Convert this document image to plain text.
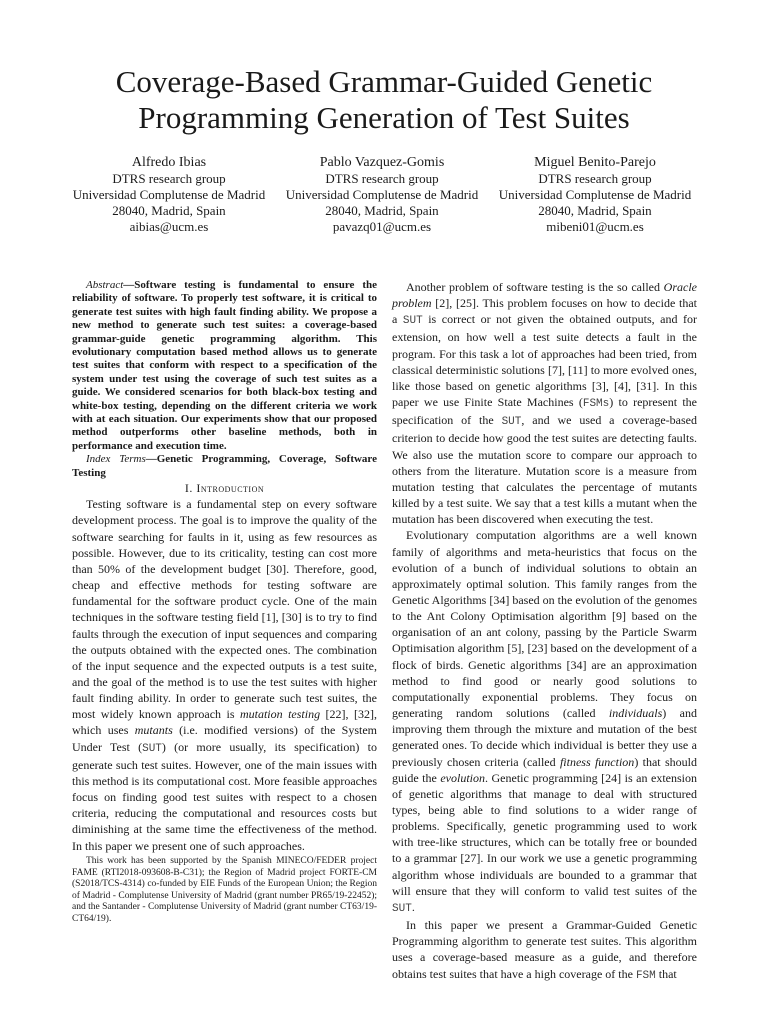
Coverage-Based Grammar-Guided Genetic Programming Generation of Test Suites
Alfredo Ibias
DTRS research group
Universidad Complutense de Madrid
28040, Madrid, Spain
aibias@ucm.es
Pablo Vazquez-Gomis
DTRS research group
Universidad Complutense de Madrid
28040, Madrid, Spain
pavazq01@ucm.es
Miguel Benito-Parejo
DTRS research group
Universidad Complutense de Madrid
28040, Madrid, Spain
mibeni01@ucm.es

Abstract—Software testing is fundamental to ensure the reliability of software. To properly test software, it is critical to generate test suites with high fault finding ability. We propose a new method to generate such test suites: a coverage-based grammar-guide genetic programming algorithm. This evolutionary computation based method allows us to generate test suites that conform with respect to a specification of the system under test using the coverage of such test suites as a guide. We considered scenarios for both black-box testing and white-box testing, depending on the different criteria we work with at each situation. Our experiments show that our proposed method outperforms other baseline methods, both in performance and execution time.

Index Terms—Genetic Programming, Coverage, Software Testing

I. Introduction

Testing software is a fundamental step on every software development process. The goal is to improve the quality of the software searching for faults in it, using as few resources as possible. However, due to its criticality, testing can cost more than 50% of the development budget [30]. Therefore, good, cheap and effective methods for testing software are fundamental for the software product cycle. One of the main techniques in the software testing field [1], [30] is to try to find faults through the execution of input sequences and comparing the outputs obtained with the expected ones. The combination of the input sequence and the expected outputs is a test suite, and the goal of the method is to use the test suites with higher fault finding ability. In order to generate such test suites, the most widely known approach is mutation testing [22], [32], which uses mutants (i.e. modified versions) of the System Under Test (SUT) (or more usually, its specification) to generate such test suites. However, one of the main issues with this method is its computational cost. More feasible approaches focus on finding good test suites with respect to a chosen criteria, reducing the computational and resources costs but diminishing at the same time the effectiveness of the method. In this paper we present one of such approaches.

This work has been supported by the Spanish MINECO/FEDER project FAME (RTI2018-093608-B-C31); the Region of Madrid project FORTE-CM (S2018/TCS-4314) co-funded by EIE Funds of the European Union; the Region of Madrid - Complutense University of Madrid (grant number PR65/19-22452); and the Santander - Complutense University of Madrid (grant number CT63/19-CT64/19).

Another problem of software testing is the so called Oracle problem [2], [25]. This problem focuses on how to decide that a SUT is correct or not given the obtained outputs, and for extension, on how well a test suite detects a fault in the program. For this task a lot of approaches had been tried, from classical deterministic solutions [7], [11] to more evolved ones, like those based on genetic algorithms [3], [4], [31]. In this paper we use Finite State Machines (FSMs) to represent the specification of the SUT, and we used a coverage-based criterion to decide how good the test suites are detecting faults. We also use the mutation score to compare our approach to others from the literature. Mutation score is a measure from mutation testing that calculates the percentage of mutants killed by a test suite. We say that a test kills a mutant when the mutation has been discovered when executing the test.

Evolutionary computation algorithms are a well known family of algorithms and meta-heuristics that focus on the evolution of a bunch of individual solutions to obtain an approximately optimal solution. This family ranges from the Genetic Algorithms [34] based on the evolution of the genomes to the Ant Colony Optimisation algorithm [9] based on the organisation of an ant colony, passing by the Particle Swarm Optimisation algorithm [5], [23] based on the development of a flock of birds. Genetic algorithms [34] are an approximation method to find good or nearly good solutions to computationally exponential problems. They focus on generating random solutions (called individuals) and improving them through the mixture and mutation of the best generated ones. To decide which individual is better they use a previously chosen criteria (called fitness function) that should guide the evolution. Genetic programming [24] is an extension of genetic algorithms that manage to deal with structured types, being able to find solutions to a wider range of problems. Specifically, genetic programming used to work with tree-like structures, which can be totally free or bounded to a grammar [27]. In our work we use a genetic programming algorithm whose individuals are bounded to a grammar that will ensure that they will conform to valid test suites of the SUT.

In this paper we present a Grammar-Guided Genetic Programming algorithm to generate test suites. This algorithm uses a coverage-based measure as a guide, and therefore obtains test suites that have a high coverage of the FSM that
